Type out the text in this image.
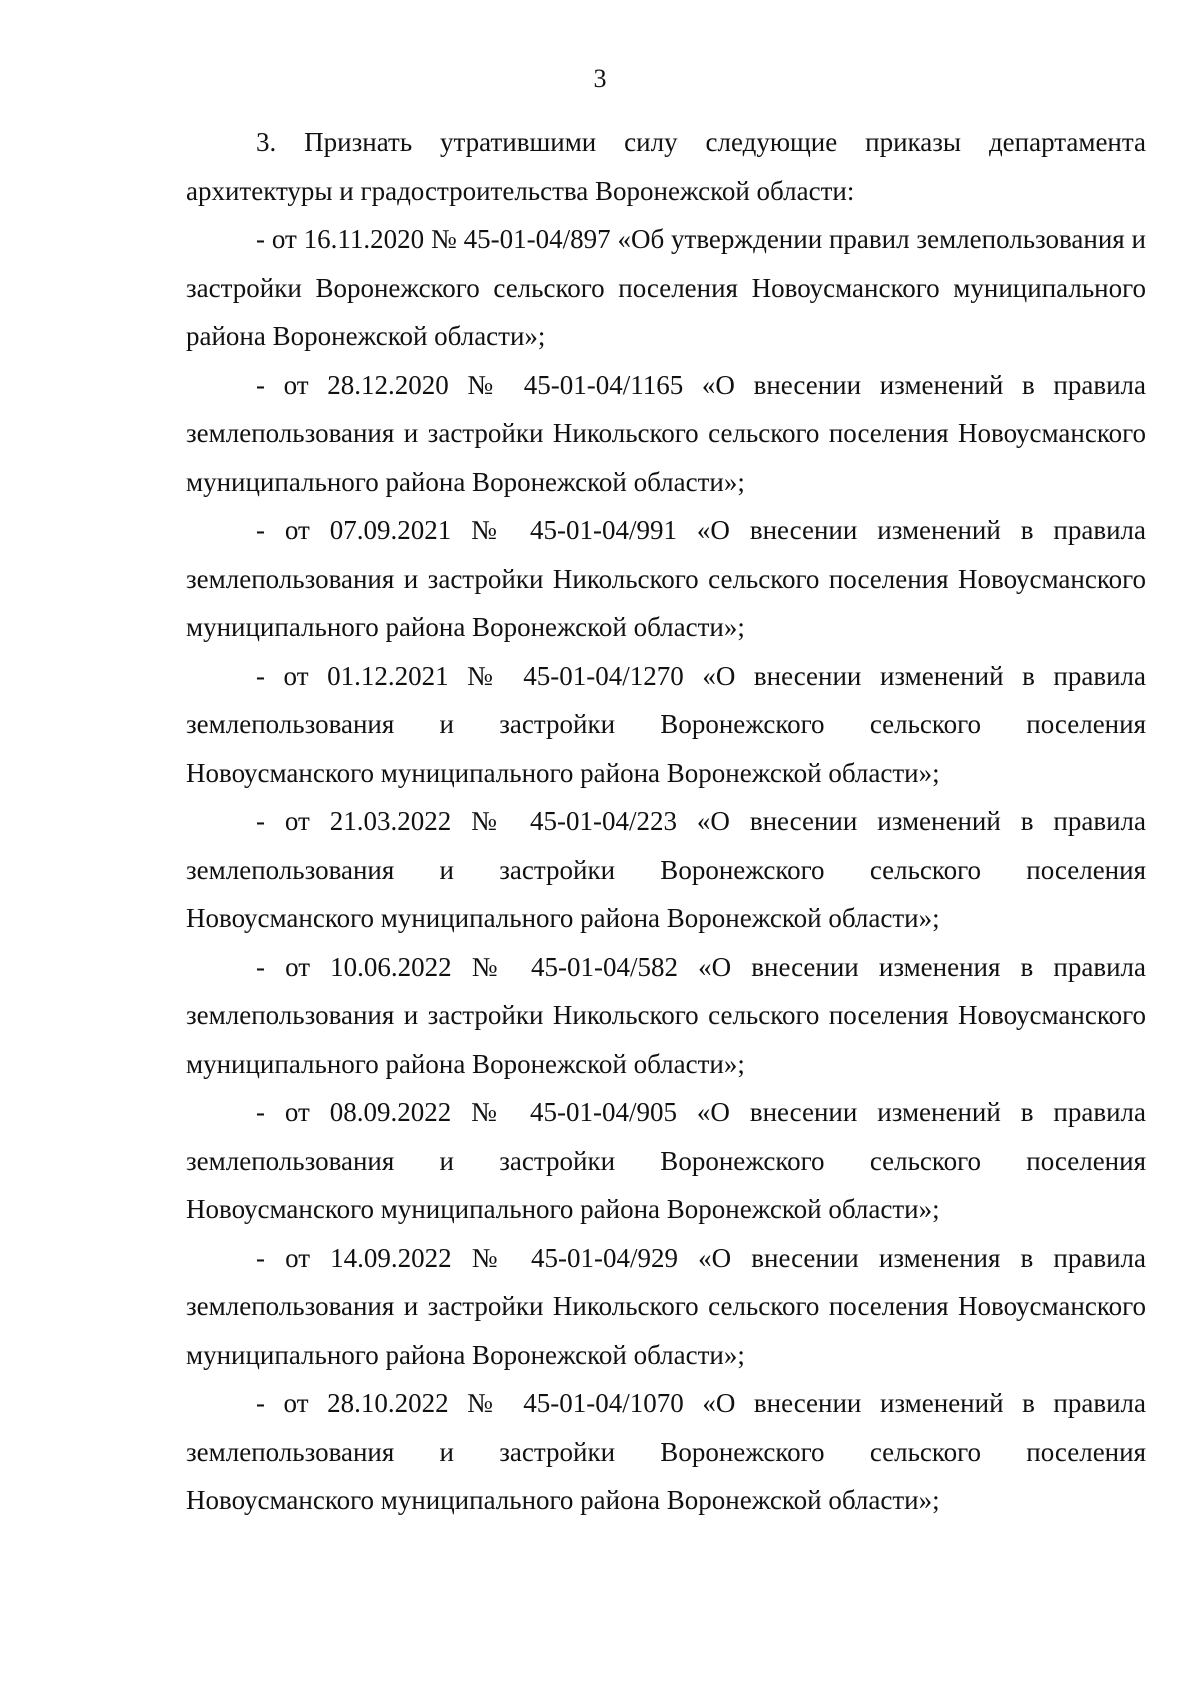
3

3. Признать утратившими силу следующие приказы департамента архитектуры и градостроительства Воронежской области:

- от 16.11.2020 № 45-01-04/897 «Об утверждении правил землепользования и застройки Воронежского сельского поселения Новоусманского муниципального района Воронежской области»;

- от 28.12.2020 № 45-01-04/1165 «О внесении изменений в правила землепользования и застройки Никольского сельского поселения Новоусманского муниципального района Воронежской области»;

- от 07.09.2021 № 45-01-04/991 «О внесении изменений в правила землепользования и застройки Никольского сельского поселения Новоусманского муниципального района Воронежской области»;

- от 01.12.2021 № 45-01-04/1270 «О внесении изменений в правила землепользования и застройки Воронежского сельского поселения Новоусманского муниципального района Воронежской области»;

- от 21.03.2022 № 45-01-04/223 «О внесении изменений в правила землепользования и застройки Воронежского сельского поселения Новоусманского муниципального района Воронежской области»;

- от 10.06.2022 № 45-01-04/582 «О внесении изменения в правила землепользования и застройки Никольского сельского поселения Новоусманского муниципального района Воронежской области»;

- от 08.09.2022 № 45-01-04/905 «О внесении изменений в правила землепользования и застройки Воронежского сельского поселения Новоусманского муниципального района Воронежской области»;

- от 14.09.2022 № 45-01-04/929 «О внесении изменения в правила землепользования и застройки Никольского сельского поселения Новоусманского муниципального района Воронежской области»;

- от 28.10.2022 № 45-01-04/1070 «О внесении изменений в правила землепользования и застройки Воронежского сельского поселения Новоусманского муниципального района Воронежской области»;
